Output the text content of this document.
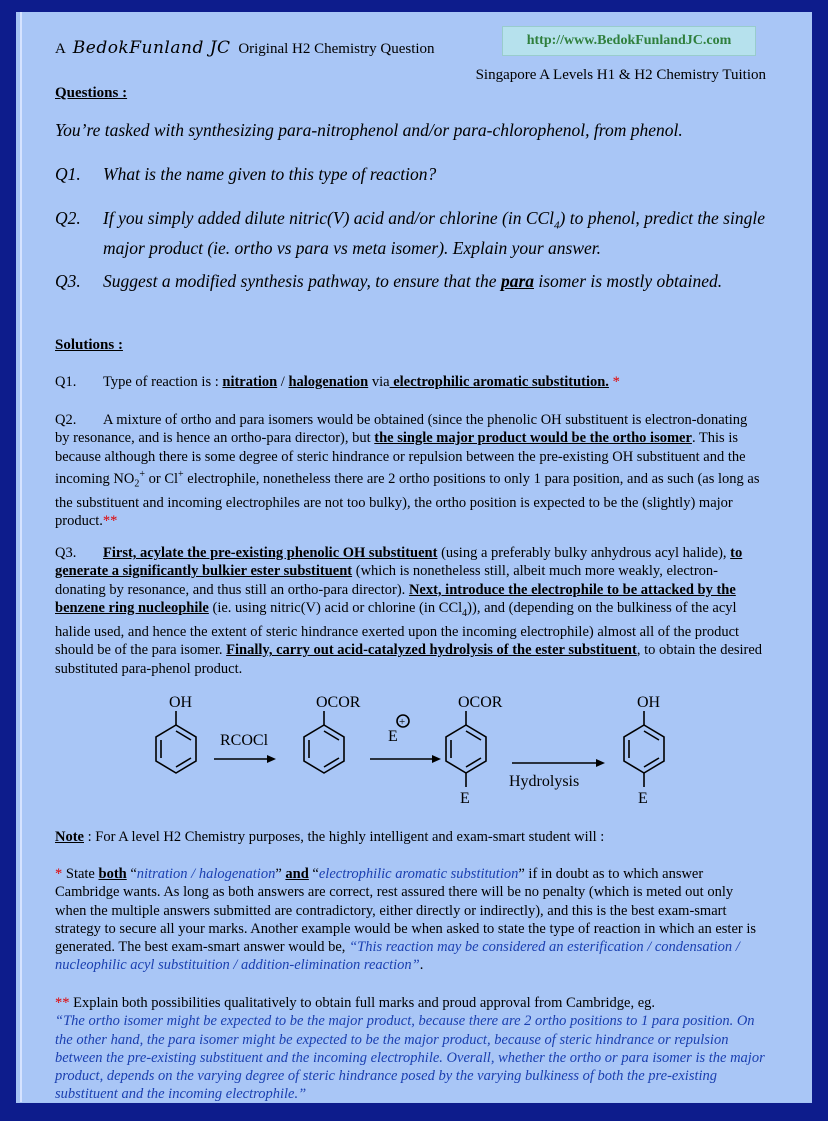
A BedokFunland JC Original H2 Chemistry Question
http://www.BedokFunlandJC.com
Singapore A Levels H1 & H2 Chemistry Tuition
Questions :
You’re tasked with synthesizing para-nitrophenol and/or para-chlorophenol, from phenol.
Q1.	What is the name given to this type of reaction?
Q2.	If you simply added dilute nitric(V) acid and/or chlorine (in CCl$_4$) to phenol, predict the single major product (ie. ortho vs para vs meta isomer). Explain your answer.
Q3.	Suggest a modified synthesis pathway, to ensure that the para isomer is mostly obtained.
Solutions :
Q1. Type of reaction is : nitration / halogenation via electrophilic aromatic substitution. *
Q2. A mixture of ortho and para isomers would be obtained (since the phenolic OH substituent is electron-donating by resonance, and is hence an ortho-para director), but the single major product would be the ortho isomer. This is because although there is some degree of steric hindrance or repulsion between the pre-existing OH substituent and the incoming $NO_2^+$ or Cl+ electrophile, nonetheless there are 2 ortho positions to only 1 para position, and as such (as long as the substituent and incoming electrophiles are not too bulky), the ortho position is expected to be the (slightly) major product.**
Q3. First, acylate the pre-existing phenolic OH substituent (using a preferably bulky anhydrous acyl halide), to generate a significantly bulkier ester substituent (which is nonetheless still, albeit much more weakly, electron-donating by resonance, and thus still an ortho-para director). Next, introduce the electrophile to be attacked by the benzene ring nucleophile (ie. using nitric(V) acid or chlorine (in CCl$_4$)), and (depending on the bulkiness of the acyl halide used, and hence the extent of steric hindrance exerted upon the incoming electrophile) almost all of the product should be of the para isomer. Finally, carry out acid-catalyzed hydrolysis of the ester substituent, to obtain the desired substituted para-phenol product.
OH
RCOCl
OCOR
E
+
OCOR
E
Hydrolysis
OH
E
Note : For A level H2 Chemistry purposes, the highly intelligent and exam-smart student will :
* State both “nitration / halogenation” and “electrophilic aromatic substitution” if in doubt as to which answer Cambridge wants. As long as both answers are correct, rest assured there will be no penalty (which is meted out only when the multiple answers submitted are contradictory, either directly or indirectly), and this is the best exam-smart strategy to secure all your marks. Another example would be when asked to state the type of reaction in which an ester is generated. The best exam-smart answer would be, “This reaction may be considered an esterification / condensation / nucleophilic acyl substituition / addition-elimination reaction”.
** Explain both possibilities qualitatively to obtain full marks and proud approval from Cambridge, eg.
“The ortho isomer might be expected to be the major product, because there are 2 ortho positions to 1 para position. On the other hand, the para isomer might be expected to be the major product, because of steric hindrance or repulsion between the pre-existing substituent and the incoming electrophile. Overall, whether the ortho or para isomer is the major product, depends on the varying degree of steric hindrance posed by the varying bulkiness of both the pre-existing substituent and the incoming electrophile.”
